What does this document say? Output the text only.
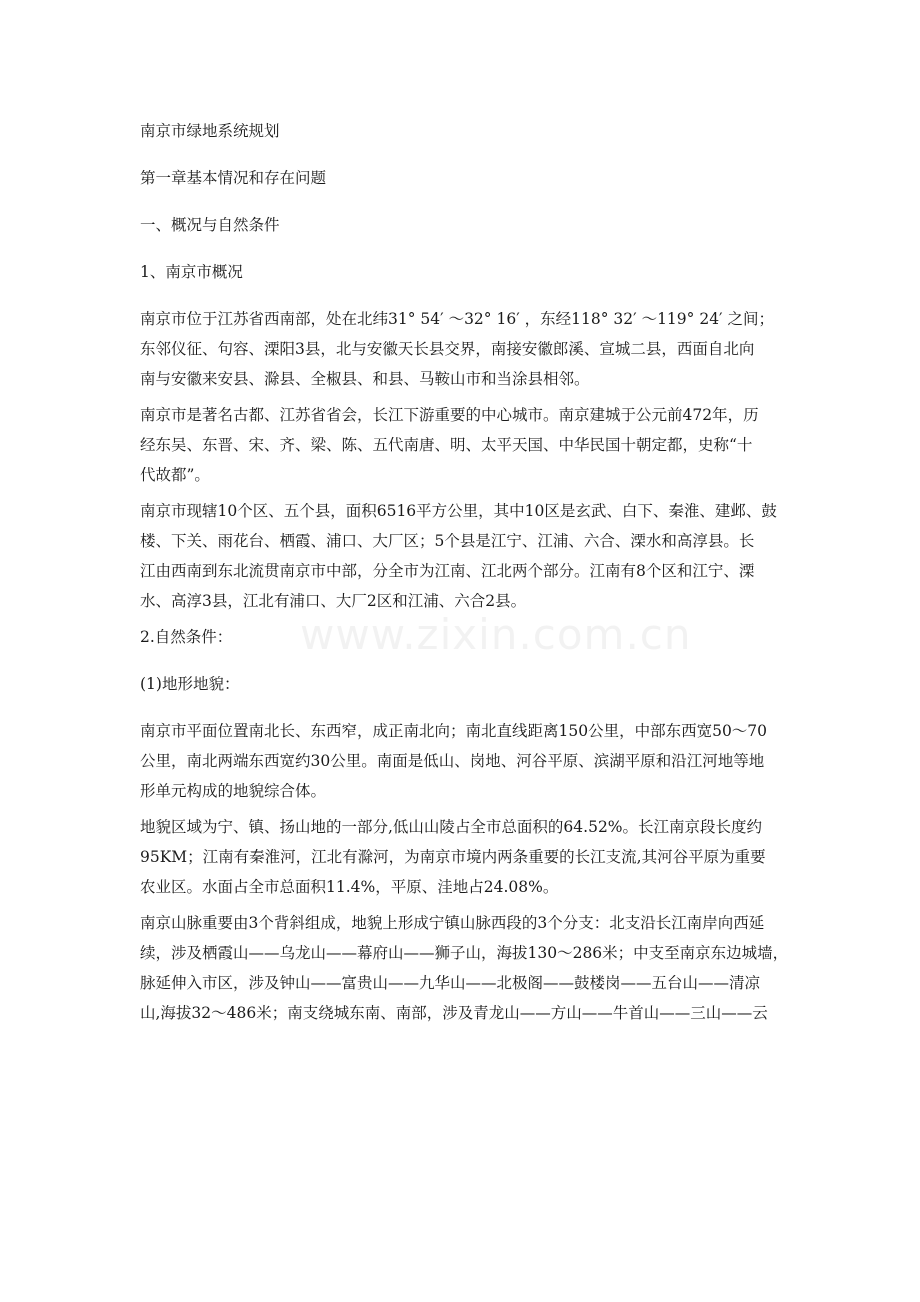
南京市绿地系统规划

第一章基本情况和存在问题

一、概况与自然条件

1、南京市概况

南京市位于江苏省西南部，处在北纬31° 54′ ～32° 16′ ，东经118° 32′ ～119° 24′ 之间；
东邻仪征、句容、溧阳3县，北与安徽天长县交界，南接安徽郎溪、宣城二县，西面自北向
南与安徽来安县、滁县、全椒县、和县、马鞍山市和当涂县相邻。
南京市是著名古都、江苏省省会，长江下游重要的中心城市。南京建城于公元前472年，历
经东吴、东晋、宋、齐、梁、陈、五代南唐、明、太平天国、中华民国十朝定都，史称“十
代故都”。
南京市现辖10个区、五个县，面积6516平方公里，其中10区是玄武、白下、秦淮、建邺、鼓
楼、下关、雨花台、栖霞、浦口、大厂区；5个县是江宁、江浦、六合、溧水和高淳县。长
江由西南到东北流贯南京市中部，分全市为江南、江北两个部分。江南有8个区和江宁、溧
水、高淳3县，江北有浦口、大厂2区和江浦、六合2县。

2.自然条件：

(1)地形地貌：

南京市平面位置南北长、东西窄，成正南北向；南北直线距离150公里，中部东西宽50～70
公里，南北两端东西宽约30公里。南面是低山、岗地、河谷平原、滨湖平原和沿江河地等地
形单元构成的地貌综合体。
地貌区域为宁、镇、扬山地的一部分,低山山陵占全市总面积的64.52%。长江南京段长度约
95KM；江南有秦淮河，江北有滁河，为南京市境内两条重要的长江支流,其河谷平原为重要
农业区。水面占全市总面积11.4%，平原、洼地占24.08%。
南京山脉重要由3个背斜组成，地貌上形成宁镇山脉西段的3个分支：北支沿长江南岸向西延
续，涉及栖霞山——乌龙山——幕府山——狮子山，海拔130～286米；中支至南京东边城墙，
脉延伸入市区，涉及钟山——富贵山——九华山——北极阁——鼓楼岗——五台山——清凉
山,海拔32～486米；南支绕城东南、南部，涉及青龙山——方山——牛首山——三山——云
www.zixin.com.cn
